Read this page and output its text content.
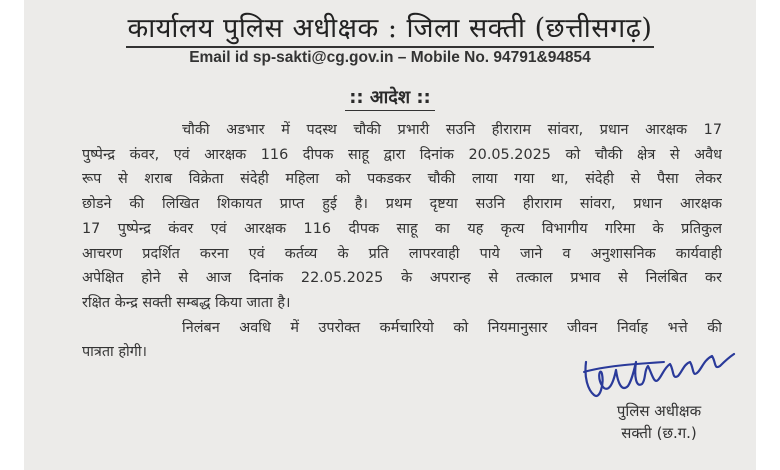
कार्यालय पुलिस अधीक्षक : जिला सक्ती (छत्तीसगढ़)
Email id sp-sakti@cg.gov.in – Mobile No. 94791&94854
:: आदेश ::
चौकी अडभार में पदस्थ चौकी प्रभारी सउनि हीराराम सांवरा, प्रधान आरक्षक 17
पुष्पेन्द्र कंवर, एवं आरक्षक 116 दीपक साहू द्वारा दिनांक 20.05.2025 को चौकी क्षेत्र से अवैध
रूप से शराब विक्रेता संदेही महिला को पकडकर चौकी लाया गया था, संदेही से पैसा लेकर
छोडने की लिखित शिकायत प्राप्त हुई है। प्रथम दृष्टया सउनि हीराराम सांवरा, प्रधान आरक्षक
17 पुष्पेन्द्र कंवर एवं आरक्षक 116 दीपक साहू का यह कृत्य विभागीय गरिमा के प्रतिकुल
आचरण प्रदर्शित करना एवं कर्तव्य के प्रति लापरवाही पाये जाने व अनुशासनिक कार्यवाही
अपेक्षित होने से आज दिनांक 22.05.2025 के अपरान्ह से तत्काल प्रभाव से निलंबित कर
रक्षित केन्द्र सक्ती सम्बद्ध किया जाता है।
निलंबन अवधि में उपरोक्त कर्मचारियो को नियमानुसार जीवन निर्वाह भत्ते की
पात्रता होगी।
पुलिस अधीक्षक
सक्ती (छ.ग.)
